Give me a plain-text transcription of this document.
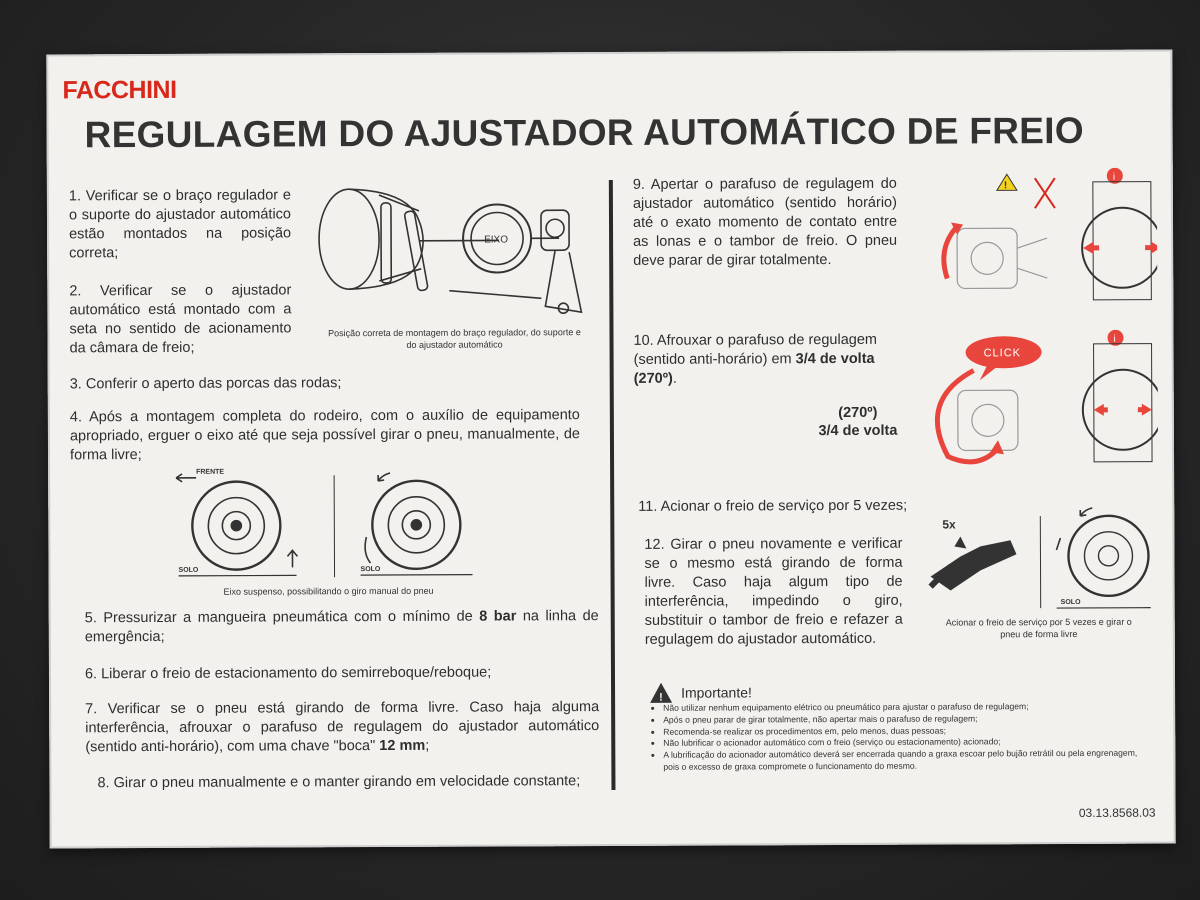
FACCHINI
REGULAGEM DO AJUSTADOR AUTOMÁTICO DE FREIO
1. Verificar se o braço regulador e o suporte do ajustador automático estão montados na posição correta;
EIXO
Posição correta de montagem do braço regulador, do suporte e do ajustador automático
2. Verificar se o ajustador automático está montado com a seta no sentido de acionamento da câmara de freio;
3. Conferir o aperto das porcas das rodas;
4. Após a montagem completa do rodeiro, com o auxílio de equipamento apropriado, erguer o eixo até que seja possível girar o pneu, manualmente, de forma livre;
FRENTE
SOLO	SOLO
Eixo suspenso, possibilitando o giro manual do pneu
5. Pressurizar a mangueira pneumática com o mínimo de 8 bar na linha de emergência;
6. Liberar o freio de estacionamento do semirreboque/reboque;
7. Verificar se o pneu está girando de forma livre. Caso haja alguma interferência, afrouxar o parafuso de regulagem do ajustador automático (sentido anti-horário), com uma chave "boca" 12 mm;
8. Girar o pneu manualmente e o manter girando em velocidade constante;
9. Apertar o parafuso de regulagem do ajustador automático (sentido horário) até o exato momento de contato entre as lonas e o tambor de freio. O pneu deve parar de girar totalmente.
!
i
10. Afrouxar o parafuso de regulagem (sentido anti-horário) em 3/4 de volta
(270º).
(270º)
3/4 de volta
CLICK
i
11. Acionar o freio de serviço por 5 vezes;
12. Girar o pneu novamente e verificar se o mesmo está girando de forma livre. Caso haja algum tipo de interferência, impedindo o giro, substituir o tambor de freio e refazer a regulagem do ajustador automático.
5x
SOLO
Acionar o freio de serviço por 5 vezes e girar o pneu de forma livre
! Importante!
• Não utilizar nenhum equipamento elétrico ou pneumático para ajustar o parafuso de regulagem;
• Após o pneu parar de girar totalmente, não apertar mais o parafuso de regulagem;
• Recomenda-se realizar os procedimentos em, pelo menos, duas pessoas;
• Não lubrificar o acionador automático com o freio (serviço ou estacionamento) acionado;
• A lubrificação do acionador automático deverá ser encerrada quando a graxa escoar pelo bujão retrátil ou pela engrenagem, pois o excesso de graxa compromete o funcionamento do mesmo.
03.13.8568.03
